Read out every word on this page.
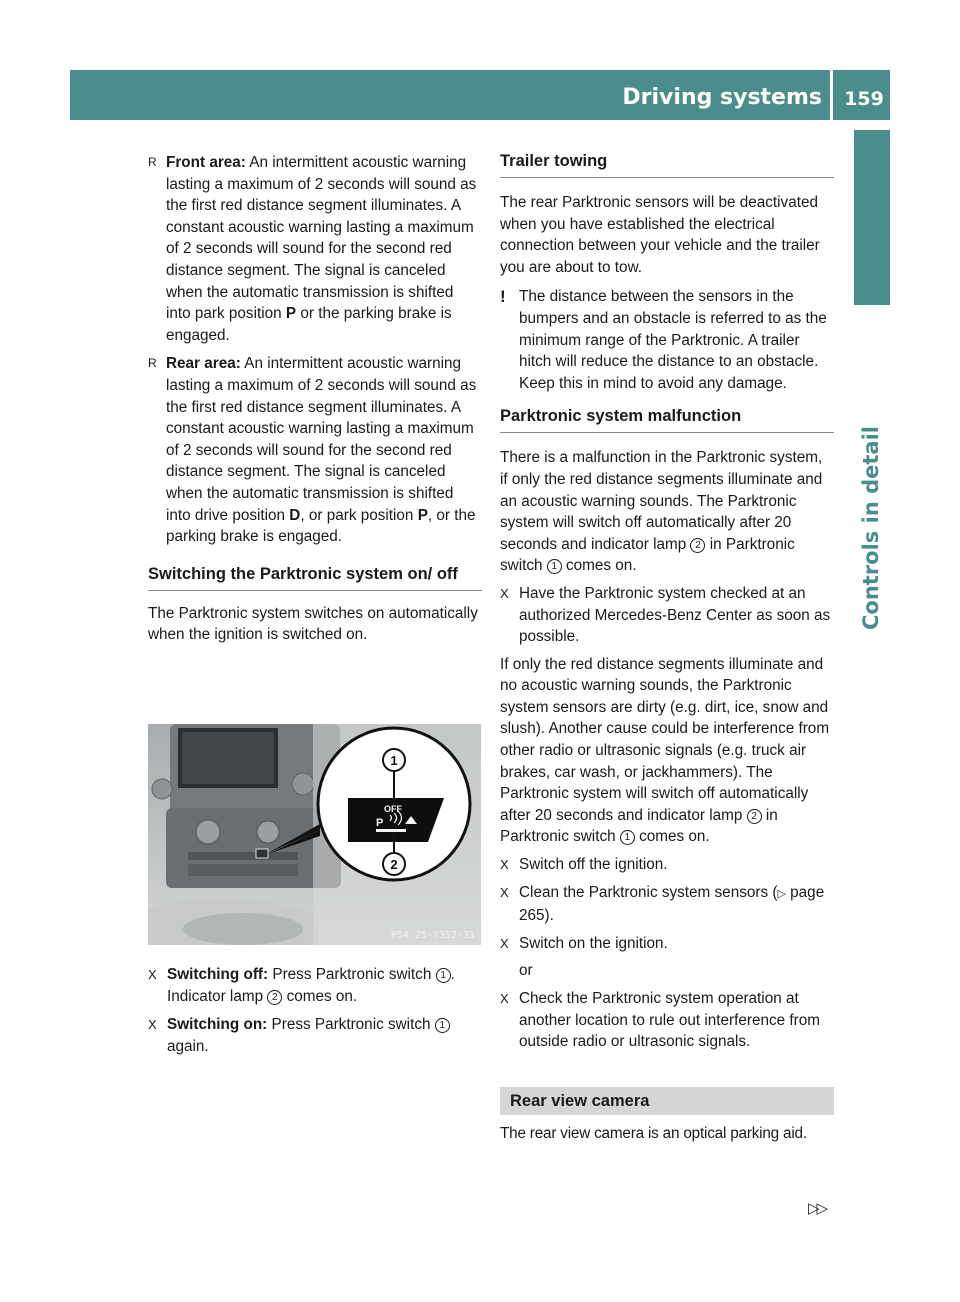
Driving systems	159
Controls in detail

R Front area: An intermittent acoustic warning lasting a maximum of 2 seconds will sound as the first red distance segment illuminates. A constant acoustic warning lasting a maximum of 2 seconds will sound for the second red distance segment. The signal is canceled when the automatic transmission is shifted into park position P or the parking brake is engaged.

R Rear area: An intermittent acoustic warning lasting a maximum of 2 seconds will sound as the first red distance segment illuminates. A constant acoustic warning lasting a maximum of 2 seconds will sound for the second red distance segment. The signal is canceled when the automatic transmission is shifted into drive position D, or park position P, or the parking brake is engaged.

Switching the Parktronic system on/ off

The Parktronic system switches on automatically when the ignition is switched on.

1
2
OFF
P
P54.25-7352-31

X Switching off: Press Parktronic switch 1 .
Indicator lamp 2 comes on.

X Switching on: Press Parktronic switch 1 again.

Trailer towing

The rear Parktronic sensors will be deactivated when you have established the electrical connection between your vehicle and the trailer you are about to tow.

! The distance between the sensors in the bumpers and an obstacle is referred to as the minimum range of the Parktronic. A trailer hitch will reduce the distance to an obstacle. Keep this in mind to avoid any damage.

Parktronic system malfunction

There is a malfunction in the Parktronic system, if only the red distance segments illuminate and an acoustic warning sounds. The Parktronic system will switch off automatically after 20 seconds and indicator lamp 2 in Parktronic switch 1 comes on.

X Have the Parktronic system checked at an authorized Mercedes-Benz Center as soon as possible.

If only the red distance segments illuminate and no acoustic warning sounds, the Parktronic system sensors are dirty (e.g. dirt, ice, snow and slush). Another cause could be interference from other radio or ultrasonic signals (e.g. truck air brakes, car wash, or jackhammers). The Parktronic system will switch off automatically after 20 seconds and indicator lamp 2 in Parktronic switch 1 comes on.

X Switch off the ignition.

X Clean the Parktronic system sensors (▷ page 265).

X Switch on the ignition.

or

X Check the Parktronic system operation at another location to rule out interference from outside radio or ultrasonic signals.

Rear view camera

The rear view camera is an optical parking aid.

▷▷
